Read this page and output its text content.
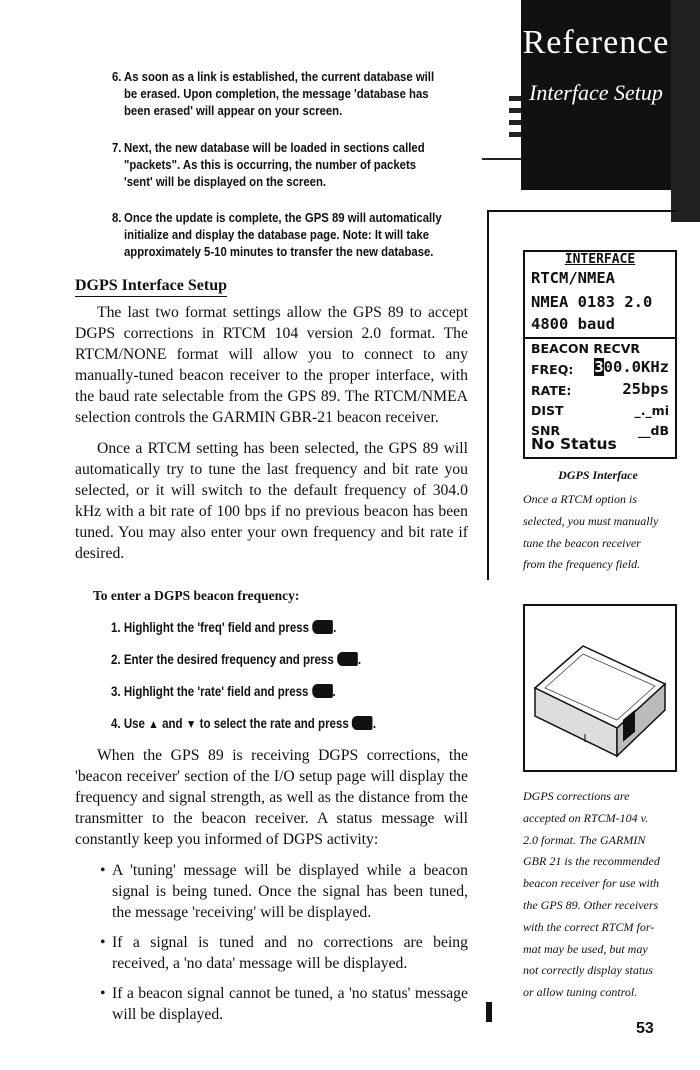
Reference
Interface Setup
6. As soon as a link is established, the current database will
be erased. Upon completion, the message 'database has
been erased' will appear on your screen.
7. Next, the new database will be loaded in sections called
"packets". As this is occurring, the number of packets
'sent' will be displayed on the screen.
8. Once the update is complete, the GPS 89 will automatically
initialize and display the database page. Note: It will take
approximately 5-10 minutes to transfer the new database.
DGPS Interface Setup

The last two format settings allow the GPS 89 to accept DGPS corrections in RTCM 104 version 2.0 format. The RTCM/NONE format will allow you to connect to any manually-tuned beacon receiver to the proper interface, with the baud rate selectable from the GPS 89. The RTCM/NMEA selection controls the GARMIN GBR-21 beacon receiver.

Once a RTCM setting has been selected, the GPS 89 will automatically try to tune the last frequency and bit rate you selected, or it will switch to the default frequency of 304.0 kHz with a bit rate of 100 bps if no previous beacon has been tuned. You may also enter your own frequency and bit rate if desired.

To enter a DGPS beacon frequency:
1. Highlight the 'freq' field and press .
2. Enter the desired frequency and press .
3. Highlight the 'rate' field and press .
4. Use ▲ and ▼ to select the rate and press .

When the GPS 89 is receiving DGPS corrections, the 'beacon receiver' section of the I/O setup page will display the frequency and signal strength, as well as the distance from the transmitter to the beacon receiver. A status message will constantly keep you informed of DGPS activity:

• A 'tuning' message will be displayed while a beacon signal is being tuned. Once the signal has been tuned, the message 'receiving' will be displayed.
• If a signal is tuned and no corrections are being received, a 'no data' message will be displayed.
• If a beacon signal cannot be tuned, a 'no status' message will be displayed.
INTERFACE
RTCM/NMEA
NMEA 0183 2.0
4800 baud
BEACON RECVR
FREQ: 300.0KHz
RATE:	25bps
DIST	_._mi
SNR	__dB
No Status
DGPS Interface
Once a RTCM option is
selected, you must manually
tune the beacon receiver
from the frequency field.
DGPS corrections are
accepted on RTCM-104 v.
2.0 format. The GARMIN
GBR 21 is the recommended
beacon receiver for use with
the GPS 89. Other receivers
with the correct RTCM for-
mat may be used, but may
not correctly display status
or allow tuning control.
53
